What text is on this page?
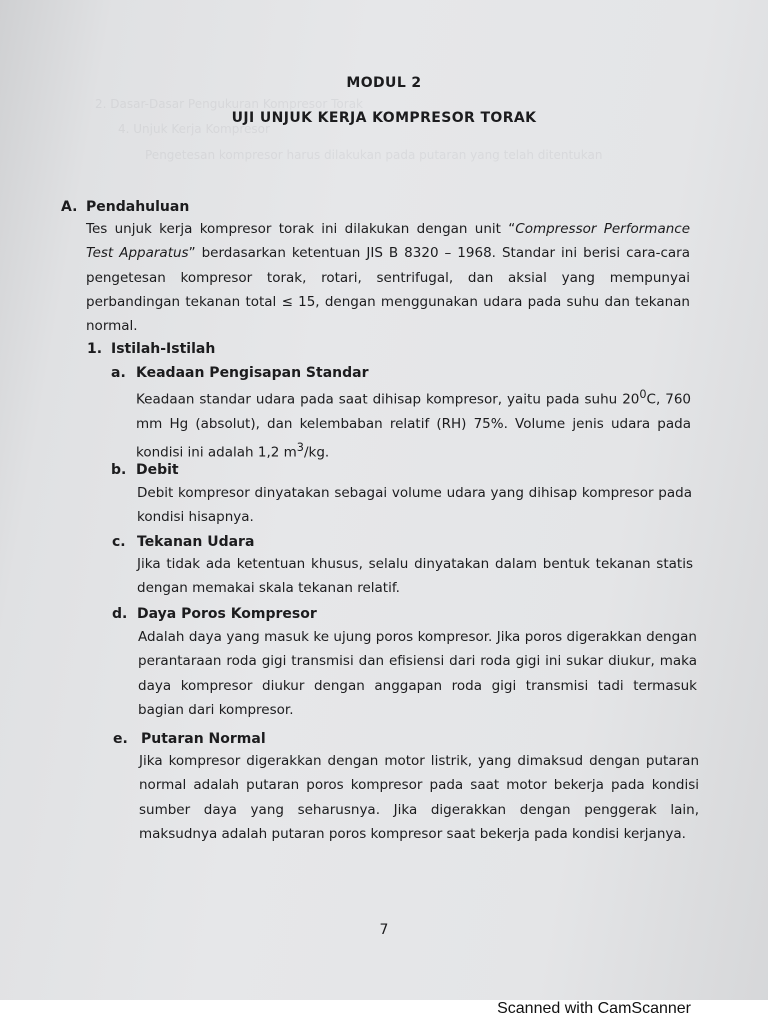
2. Dasar-Dasar Pengukuran Kompresor Torak
4. Unjuk Kerja Kompresor
Pengetesan kompresor harus dilakukan pada putaran yang telah ditentukan
MODUL 2
UJI UNJUK KERJA KOMPRESOR TORAK
A. Pendahuluan

Tes unjuk kerja kompresor torak ini dilakukan dengan unit “Compressor Performance Test Apparatus” berdasarkan ketentuan JIS B 8320 – 1968. Standar ini berisi cara-cara pengetesan kompresor torak, rotari, sentrifugal, dan aksial yang mempunyai perbandingan tekanan total ≤ 15, dengan menggunakan udara pada suhu dan tekanan normal.

1. Istilah-Istilah
a. Keadaan Pengisapan Standar

Keadaan standar udara pada saat dihisap kompresor, yaitu pada suhu $20^0C$, 760 mm Hg (absolut), dan kelembaban relatif (RH) 75%. Volume jenis udara pada kondisi ini adalah 1,2 $m^3/kg$.

b. Debit

Debit kompresor dinyatakan sebagai volume udara yang dihisap kompresor pada kondisi hisapnya.

c. Tekanan Udara

Jika tidak ada ketentuan khusus, selalu dinyatakan dalam bentuk tekanan statis dengan memakai skala tekanan relatif.

d. Daya Poros Kompresor

Adalah daya yang masuk ke ujung poros kompresor. Jika poros digerakkan dengan perantaraan roda gigi transmisi dan efisiensi dari roda gigi ini sukar diukur, maka daya kompresor diukur dengan anggapan roda gigi transmisi tadi termasuk bagian dari kompresor.

e. Putaran Normal

Jika kompresor digerakkan dengan motor listrik, yang dimaksud dengan putaran normal adalah putaran poros kompresor pada saat motor bekerja pada kondisi sumber daya yang seharusnya. Jika digerakkan dengan penggerak lain, maksudnya adalah putaran poros kompresor saat bekerja pada kondisi kerjanya.

7
Scanned with CamScanner
